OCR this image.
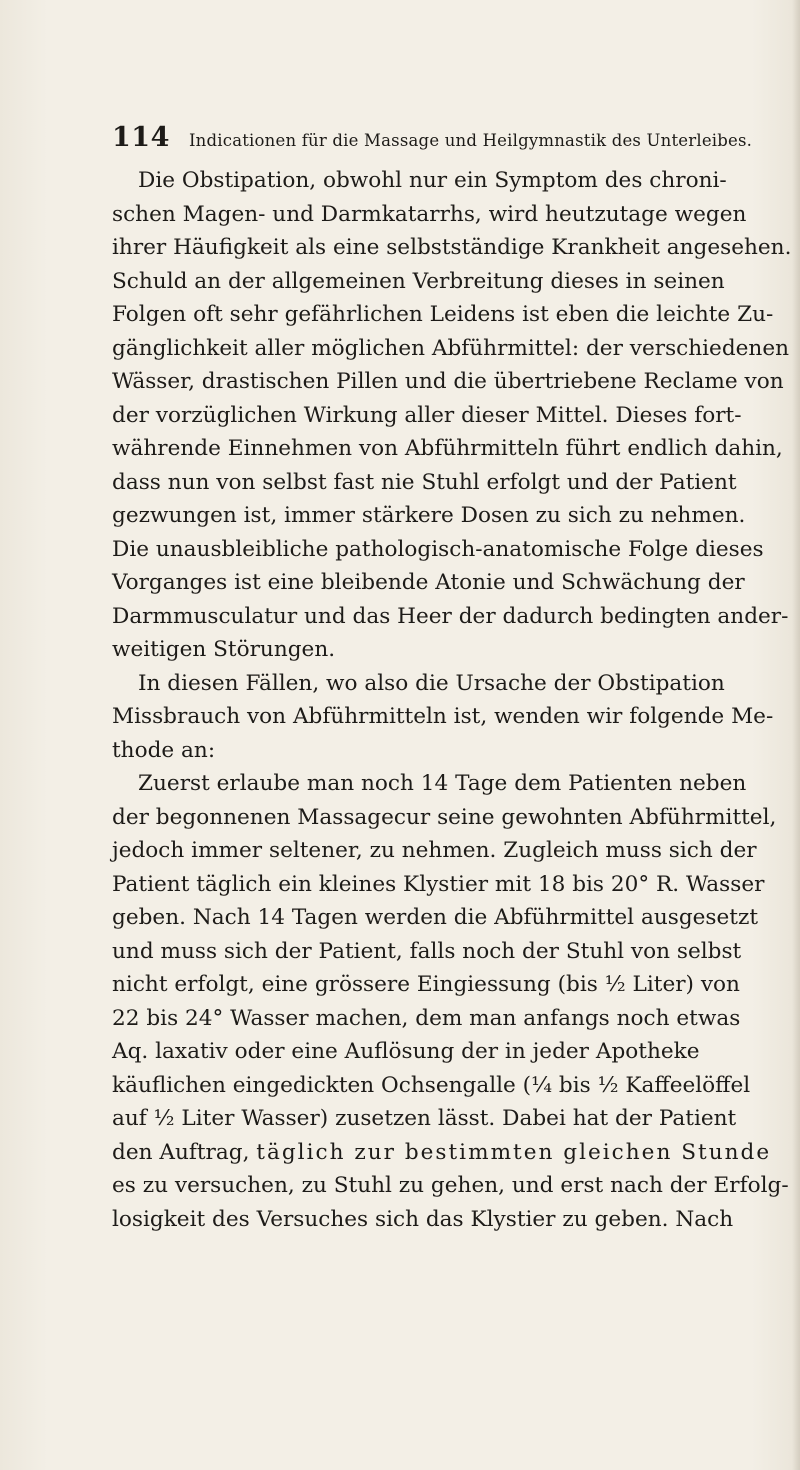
114 Indicationen für die Massage und Heilgymnastik des Unterleibes.
Die Obstipation, obwohl nur ein Symptom des chroni-
schen Magen- und Darmkatarrhs, wird heutzutage wegen
ihrer Häufigkeit als eine selbstständige Krankheit angesehen.
Schuld an der allgemeinen Verbreitung dieses in seinen
Folgen oft sehr gefährlichen Leidens ist eben die leichte Zu-
gänglichkeit aller möglichen Abführmittel: der verschiedenen
Wässer, drastischen Pillen und die übertriebene Reclame von
der vorzüglichen Wirkung aller dieser Mittel. Dieses fort-
währende Einnehmen von Abführmitteln führt endlich dahin,
dass nun von selbst fast nie Stuhl erfolgt und der Patient
gezwungen ist, immer stärkere Dosen zu sich zu nehmen.
Die unausbleibliche pathologisch-anatomische Folge dieses
Vorganges ist eine bleibende Atonie und Schwächung der
Darmmusculatur und das Heer der dadurch bedingten ander-
weitigen Störungen.
In diesen Fällen, wo also die Ursache der Obstipation
Missbrauch von Abführmitteln ist, wenden wir folgende Me-
thode an:
Zuerst erlaube man noch 14 Tage dem Patienten neben
der begonnenen Massagecur seine gewohnten Abführmittel,
jedoch immer seltener, zu nehmen. Zugleich muss sich der
Patient täglich ein kleines Klystier mit 18 bis 20° R. Wasser
geben. Nach 14 Tagen werden die Abführmittel ausgesetzt
und muss sich der Patient, falls noch der Stuhl von selbst
nicht erfolgt, eine grössere Eingiessung (bis ½ Liter) von
22 bis 24° Wasser machen, dem man anfangs noch etwas
Aq. laxativ oder eine Auflösung der in jeder Apotheke
käuflichen eingedickten Ochsengalle (¼ bis ½ Kaffeelöffel
auf ½ Liter Wasser) zusetzen lässt. Dabei hat der Patient
den Auftrag, täglich zur bestimmten gleichen Stunde
es zu versuchen, zu Stuhl zu gehen, und erst nach der Erfolg-
losigkeit des Versuches sich das Klystier zu geben. Nach
